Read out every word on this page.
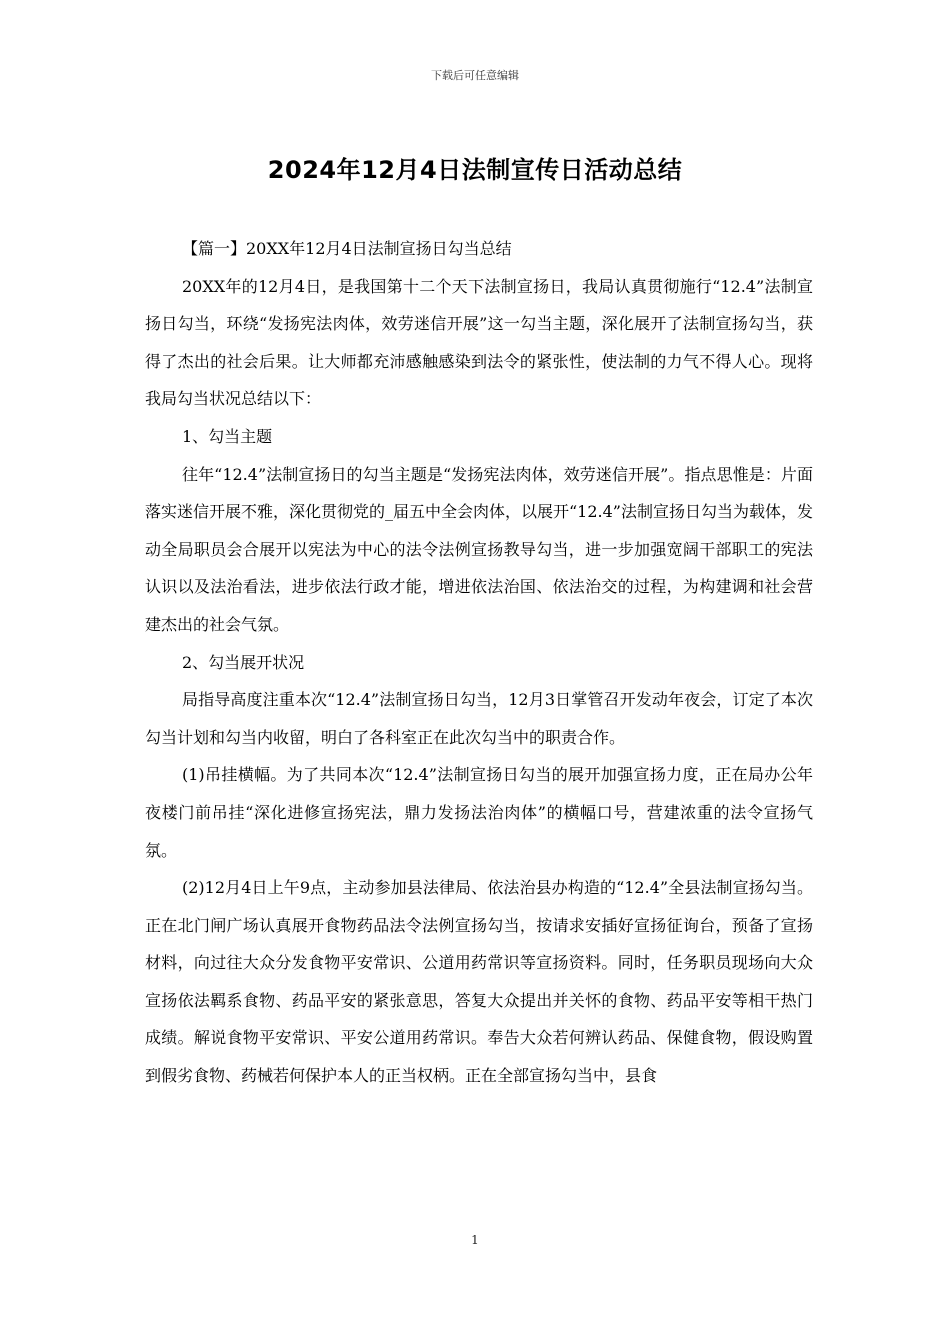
下载后可任意编辑
2024年12月4日法制宣传日活动总结

【篇一】20XX年12月4日法制宣扬日勾当总结

20XX年的12月4日，是我国第十二个天下法制宣扬日，我局认真贯彻施行“12.4”法制宣扬日勾当，环绕“发扬宪法肉体，效劳迷信开展”这一勾当主题，深化展开了法制宣扬勾当，获得了杰出的社会后果。让大师都充沛感触感染到法令的紧张性，使法制的力气不得人心。现将我局勾当状况总结以下：

1、勾当主题

往年“12.4”法制宣扬日的勾当主题是“发扬宪法肉体，效劳迷信开展”。指点思惟是：片面落实迷信开展不雅，深化贯彻党的_届五中全会肉体，以展开“12.4”法制宣扬日勾当为载体，发动全局职员会合展开以宪法为中心的法令法例宣扬教导勾当，进一步加强宽阔干部职工的宪法认识以及法治看法，进步依法行政才能，增进依法治国、依法治交的过程，为构建调和社会营建杰出的社会气氛。

2、勾当展开状况

局指导高度注重本次“12.4”法制宣扬日勾当，12月3日掌管召开发动年夜会，订定了本次勾当计划和勾当内收留，明白了各科室正在此次勾当中的职责合作。

(1)吊挂横幅。为了共同本次“12.4”法制宣扬日勾当的展开加强宣扬力度，正在局办公年夜楼门前吊挂“深化进修宣扬宪法，鼎力发扬法治肉体”的横幅口号，营建浓重的法令宣扬气氛。

(2)12月4日上午9点，主动参加县法律局、依法治县办构造的“12.4”全县法制宣扬勾当。正在北门闸广场认真展开食物药品法令法例宣扬勾当，按请求安插好宣扬征询台，预备了宣扬材料，向过往大众分发食物平安常识、公道用药常识等宣扬资料。同时，任务职员现场向大众宣扬依法羁系食物、药品平安的紧张意思，答复大众提出并关怀的食物、药品平安等相干热门成绩。解说食物平安常识、平安公道用药常识。奉告大众若何辨认药品、保健食物，假设购置到假劣食物、药械若何保护本人的正当权柄。正在全部宣扬勾当中，县食

1
